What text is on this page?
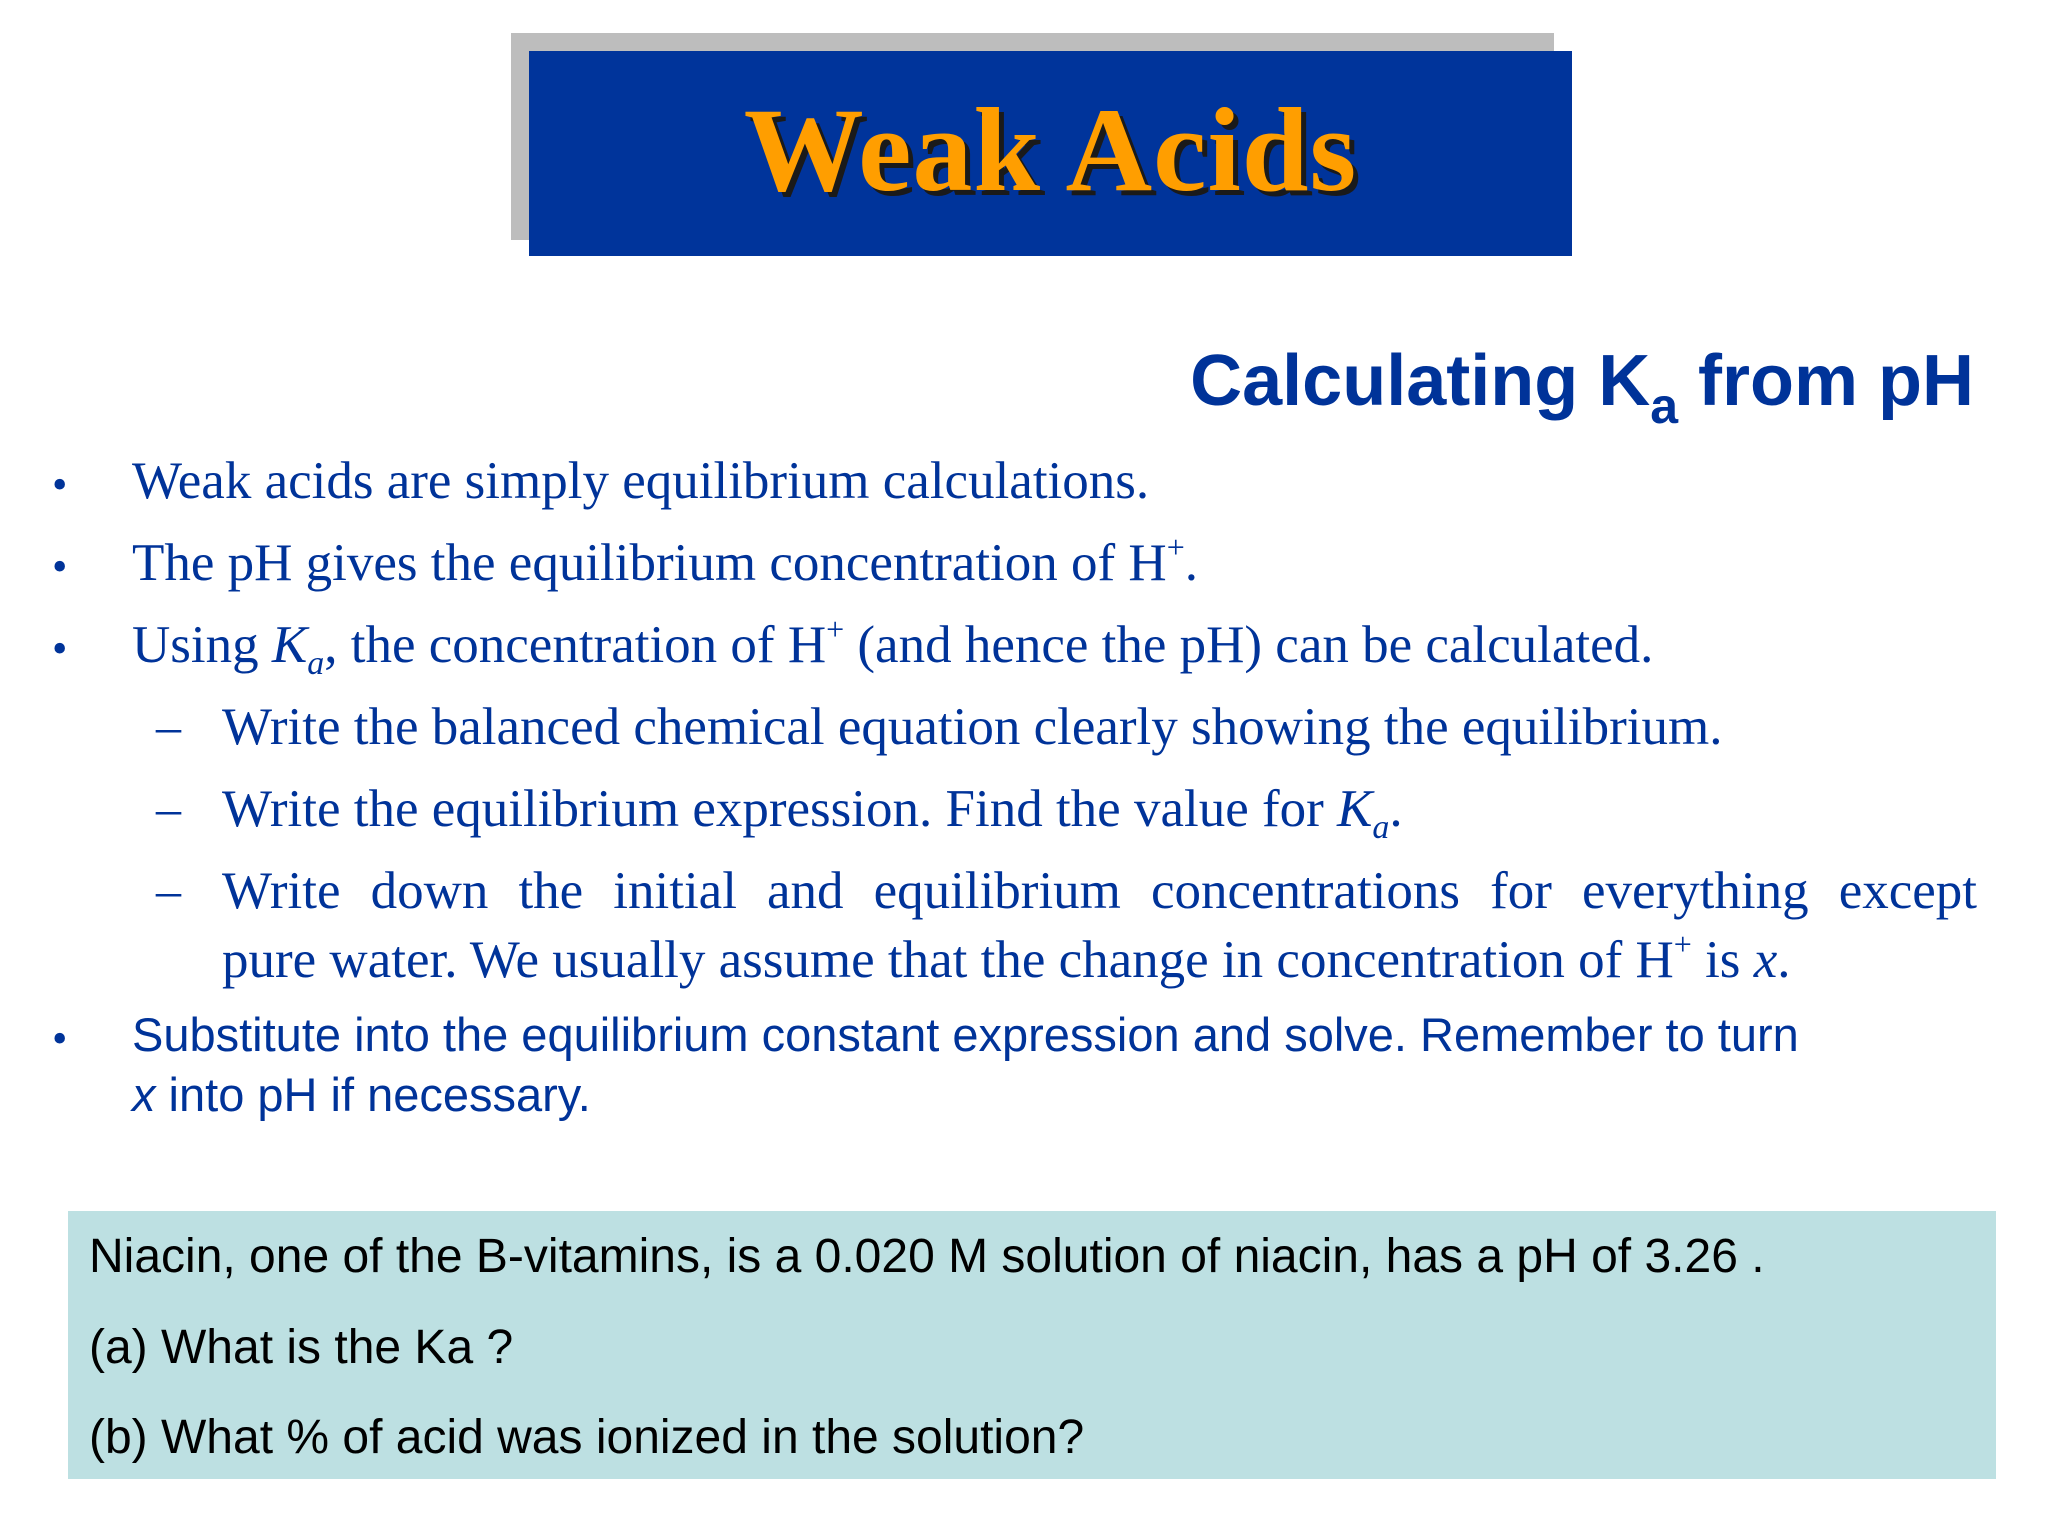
Weak Acids
Calculating $K_a$ from pH
• Weak acids are simply equilibrium calculations.
• The pH gives the equilibrium concentration of H+.
• Using $K_a$, the concentration of H+ (and hence the pH) can be calculated.
– Write the balanced chemical equation clearly showing the equilibrium.
– Write the equilibrium expression. Find the value for $K_a$.
– Write down the initial and equilibrium concentrations for everything except
pure water. We usually assume that the change in concentration of H+ is x.
• Substitute into the equilibrium constant expression and solve. Remember to turn
x into pH if necessary.
Niacin, one of the B-vitamins, is a 0.020 M solution of niacin, has a pH of 3.26 .
(a) What is the Ka ?
(b) What % of acid was ionized in the solution?
